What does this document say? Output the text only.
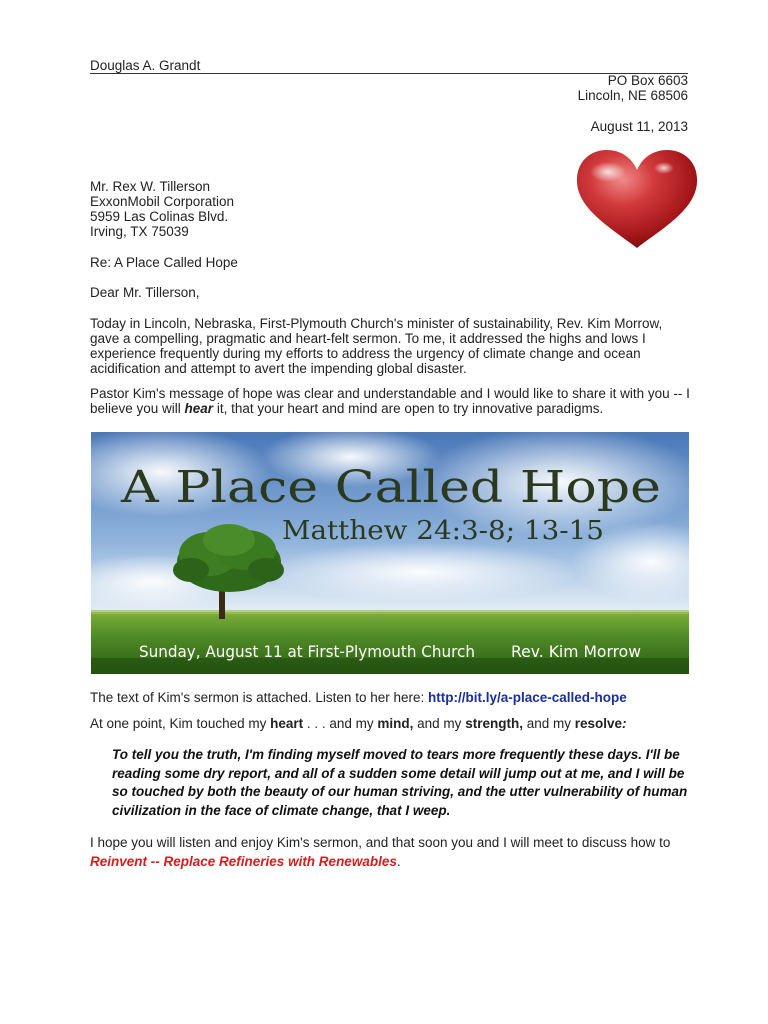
Douglas A. Grandt
PO Box 6603
Lincoln, NE 68506
August 11, 2013
Mr. Rex W. Tillerson
ExxonMobil Corporation
5959 Las Colinas Blvd.
Irving, TX 75039
Re: A Place Called Hope
Dear Mr. Tillerson,
Today in Lincoln, Nebraska, First-Plymouth Church's minister of sustainability, Rev. Kim Morrow, gave a compelling, pragmatic and heart-felt sermon. To me, it addressed the highs and lows I experience frequently during my efforts to address the urgency of climate change and ocean acidification and attempt to avert the impending global disaster.
Pastor Kim's message of hope was clear and understandable and I would like to share it with you -- I believe you will hear it, that your heart and mind are open to try innovative paradigms.
A Place Called Hope
Matthew 24:3-8; 13-15
Sunday, August 11 at First-Plymouth Church Rev. Kim Morrow
The text of Kim's sermon is attached. Listen to her here: http://bit.ly/a-place-called-hope
At one point, Kim touched my heart . . . and my mind, and my strength, and my resolve:
To tell you the truth, I'm finding myself moved to tears more frequently these days. I'll be reading some dry report, and all of a sudden some detail will jump out at me, and I will be so touched by both the beauty of our human striving, and the utter vulnerability of human civilization in the face of climate change, that I weep.
I hope you will listen and enjoy Kim's sermon, and that soon you and I will meet to discuss how to Reinvent -- Replace Refineries with Renewables.
